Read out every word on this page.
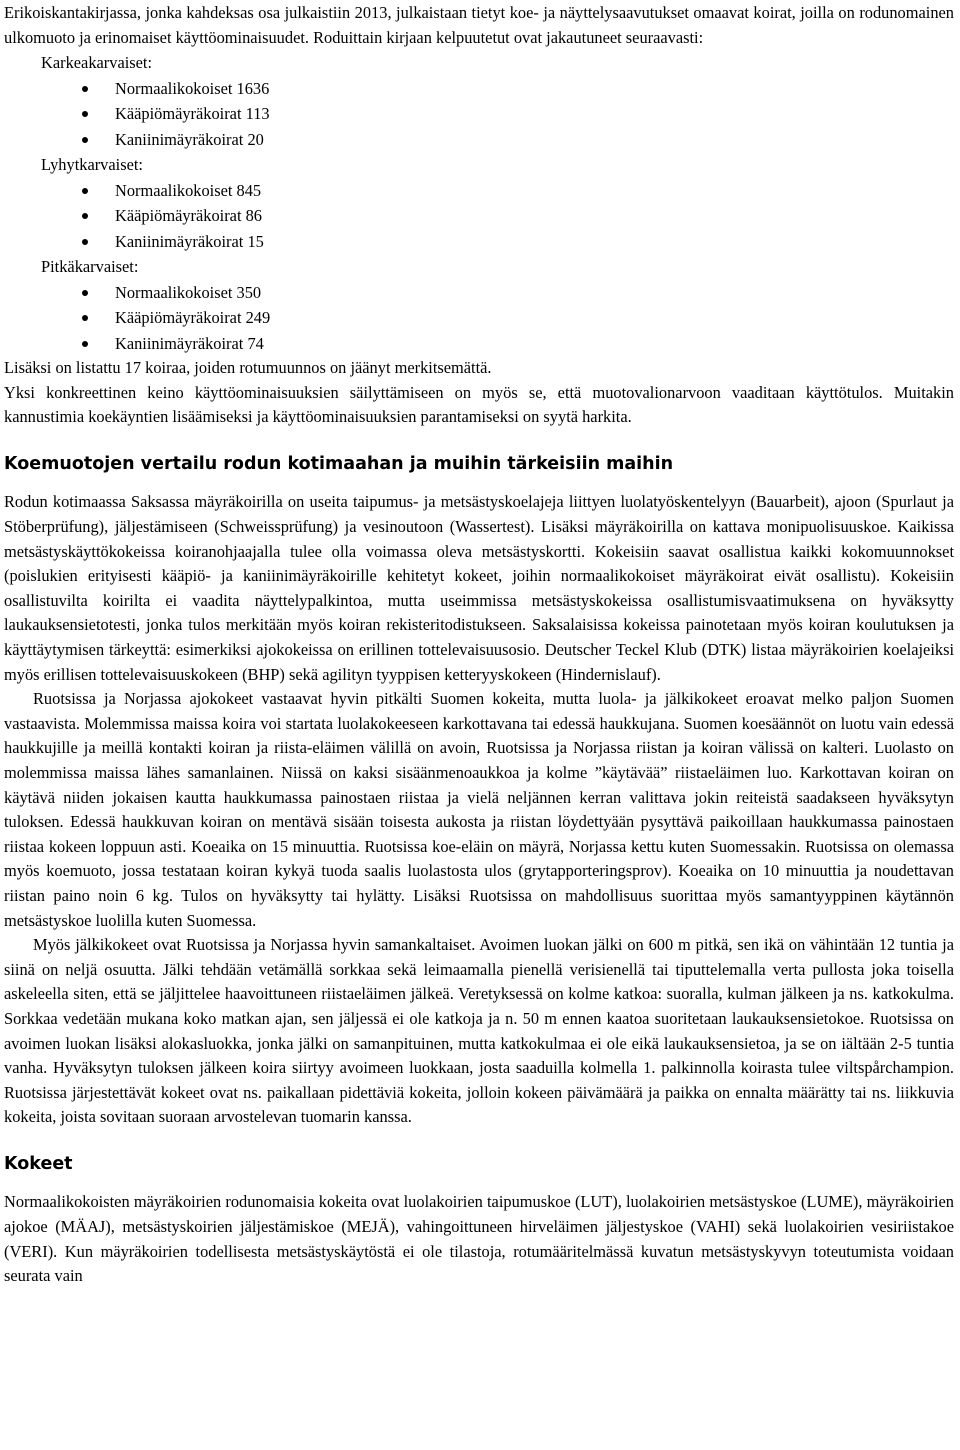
Erikoiskantakirjassa, jonka kahdeksas osa julkaistiin 2013, julkaistaan tietyt koe- ja näyttelysaavutukset omaavat koirat, joilla on rodunomainen ulkomuoto ja erinomaiset käyttöominaisuudet. Roduittain kirjaan kelpuutetut ovat jakautuneet seuraavasti:

Karkeakarvaiset:
Normaalikokoiset 1636
Kääpiömäyräkoirat 113
Kaniinimäyräkoirat 20
Lyhytkarvaiset:
Normaalikokoiset 845
Kääpiömäyräkoirat 86
Kaniinimäyräkoirat 15
Pitkäkarvaiset:
Normaalikokoiset 350
Kääpiömäyräkoirat 249
Kaniinimäyräkoirat 74

Lisäksi on listattu 17 koiraa, joiden rotumuunnos on jäänyt merkitsemättä.

Yksi konkreettinen keino käyttöominaisuuksien säilyttämiseen on myös se, että muotovalionarvoon vaaditaan käyttötulos. Muitakin kannustimia koekäyntien lisäämiseksi ja käyttöominaisuuksien parantamiseksi on syytä harkita.

Koemuotojen vertailu rodun kotimaahan ja muihin tärkeisiin maihin

Rodun kotimaassa Saksassa mäyräkoirilla on useita taipumus- ja metsästyskoelajeja liittyen luolatyöskentelyyn (Bauarbeit), ajoon (Spurlaut ja Stöberprüfung), jäljestämiseen (Schweissprüfung) ja vesinoutoon (Wassertest). Lisäksi mäyräkoirilla on kattava monipuolisuuskoe. Kaikissa metsästyskäyttökokeissa koiranohjaajalla tulee olla voimassa oleva metsästyskortti. Kokeisiin saavat osallistua kaikki kokomuunnokset (poislukien erityisesti kääpiö- ja kaniinimäyräkoirille kehitetyt kokeet, joihin normaalikokoiset mäyräkoirat eivät osallistu). Kokeisiin osallistuvilta koirilta ei vaadita näyttelypalkintoa, mutta useimmissa metsästyskokeissa osallistumisvaatimuksena on hyväksytty laukauksensietotesti, jonka tulos merkitään myös koiran rekisteritodistukseen. Saksalaisissa kokeissa painotetaan myös koiran koulutuksen ja käyttäytymisen tärkeyttä: esimerkiksi ajokokeissa on erillinen tottelevaisuusosio. Deutscher Teckel Klub (DTK) listaa mäyräkoirien koelajeiksi myös erillisen tottelevaisuuskokeen (BHP) sekä agilityn tyyppisen ketteryyskokeen (Hindernislauf).

Ruotsissa ja Norjassa ajokokeet vastaavat hyvin pitkälti Suomen kokeita, mutta luola- ja jälkikokeet eroavat melko paljon Suomen vastaavista. Molemmissa maissa koira voi startata luolakokeeseen karkottavana tai edessä haukkujana. Suomen koesäännöt on luotu vain edessä haukkujille ja meillä kontakti koiran ja riista-eläimen välillä on avoin, Ruotsissa ja Norjassa riistan ja koiran välissä on kalteri. Luolasto on molemmissa maissa lähes samanlainen. Niissä on kaksi sisäänmenoaukkoa ja kolme ”käytävää” riistaeläimen luo. Karkottavan koiran on käytävä niiden jokaisen kautta haukkumassa painostaen riistaa ja vielä neljännen kerran valittava jokin reiteistä saadakseen hyväksytyn tuloksen. Edessä haukkuvan koiran on mentävä sisään toisesta aukosta ja riistan löydettyään pysyttävä paikoillaan haukkumassa painostaen riistaa kokeen loppuun asti. Koeaika on 15 minuuttia. Ruotsissa koe-eläin on mäyrä, Norjassa kettu kuten Suomessakin. Ruotsissa on olemassa myös koemuoto, jossa testataan koiran kykyä tuoda saalis luolastosta ulos (grytapporteringsprov). Koeaika on 10 minuuttia ja noudettavan riistan paino noin 6 kg. Tulos on hyväksytty tai hylätty. Lisäksi Ruotsissa on mahdollisuus suorittaa myös samantyyppinen käytännön metsästyskoe luolilla kuten Suomessa.

Myös jälkikokeet ovat Ruotsissa ja Norjassa hyvin samankaltaiset. Avoimen luokan jälki on 600 m pitkä, sen ikä on vähintään 12 tuntia ja siinä on neljä osuutta. Jälki tehdään vetämällä sorkkaa sekä leimaamalla pienellä verisienellä tai tiputtelemalla verta pullosta joka toisella askeleella siten, että se jäljittelee haavoittuneen riistaeläimen jälkeä. Veretyksessä on kolme katkoa: suoralla, kulman jälkeen ja ns. katkokulma. Sorkkaa vedetään mukana koko matkan ajan, sen jäljessä ei ole katkoja ja n. 50 m ennen kaatoa suoritetaan laukauksensietokoe. Ruotsissa on avoimen luokan lisäksi alokasluokka, jonka jälki on samanpituinen, mutta katkokulmaa ei ole eikä laukauksensietoa, ja se on iältään 2-5 tuntia vanha. Hyväksytyn tuloksen jälkeen koira siirtyy avoimeen luokkaan, josta saaduilla kolmella 1. palkinnolla koirasta tulee viltspårchampion. Ruotsissa järjestettävät kokeet ovat ns. paikallaan pidettäviä kokeita, jolloin kokeen päivämäärä ja paikka on ennalta määrätty tai ns. liikkuvia kokeita, joista sovitaan suoraan arvostelevan tuomarin kanssa.

Kokeet

Normaalikokoisten mäyräkoirien rodunomaisia kokeita ovat luolakoirien taipumuskoe (LUT), luolakoirien metsästyskoe (LUME), mäyräkoirien ajokoe (MÄAJ), metsästyskoirien jäljestämiskoe (MEJÄ), vahingoittuneen hirveläimen jäljestyskoe (VAHI) sekä luolakoirien vesiriistakoe (VERI). Kun mäyräkoirien todellisesta metsästyskäytöstä ei ole tilastoja, rotumääritelmässä kuvatun metsästyskyvyn toteutumista voidaan seurata vain
